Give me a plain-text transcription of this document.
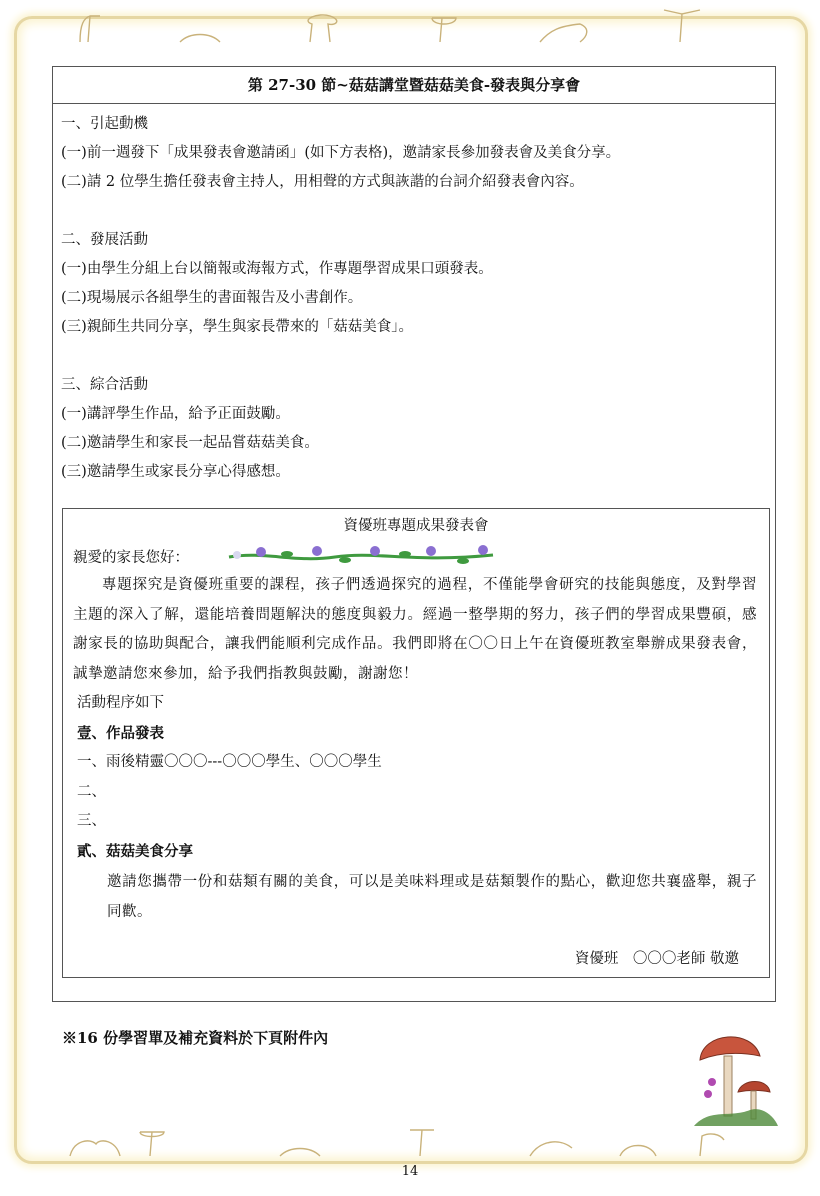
第 27-30 節~菇菇講堂暨菇菇美食-發表與分享會
一、引起動機
(一)前一週發下「成果發表會邀請函」(如下方表格)，邀請家長參加發表會及美食分享。
(二)請 2 位學生擔任發表會主持人，用相聲的方式與詼諧的台詞介紹發表會內容。
二、發展活動
(一)由學生分組上台以簡報或海報方式，作專題學習成果口頭發表。
(二)現場展示各組學生的書面報告及小書創作。
(三)親師生共同分享，學生與家長帶來的「菇菇美食」。
三、綜合活動
(一)講評學生作品，給予正面鼓勵。
(二)邀請學生和家長一起品嘗菇菇美食。
(三)邀請學生或家長分享心得感想。
資優班專題成果發表會
親愛的家長您好：
專題探究是資優班重要的課程，孩子們透過探究的過程，不僅能學會研究的技能與態度，及對學習主題的深入了解，還能培養問題解決的態度與毅力。經過一整學期的努力，孩子們的學習成果豐碩，感謝家長的協助與配合，讓我們能順利完成作品。我們即將在〇〇日上午在資優班教室舉辦成果發表會，誠摯邀請您來參加，給予我們指教與鼓勵，謝謝您！
活動程序如下
壹、作品發表
一、雨後精靈〇〇〇---〇〇〇學生、〇〇〇學生
二、
三、
貳、菇菇美食分享
邀請您攜帶一份和菇類有關的美食，可以是美味料理或是菇類製作的點心，歡迎您共襄盛舉，親子同歡。
資優班　〇〇〇老師 敬邀
※16 份學習單及補充資料於下頁附件內
14
